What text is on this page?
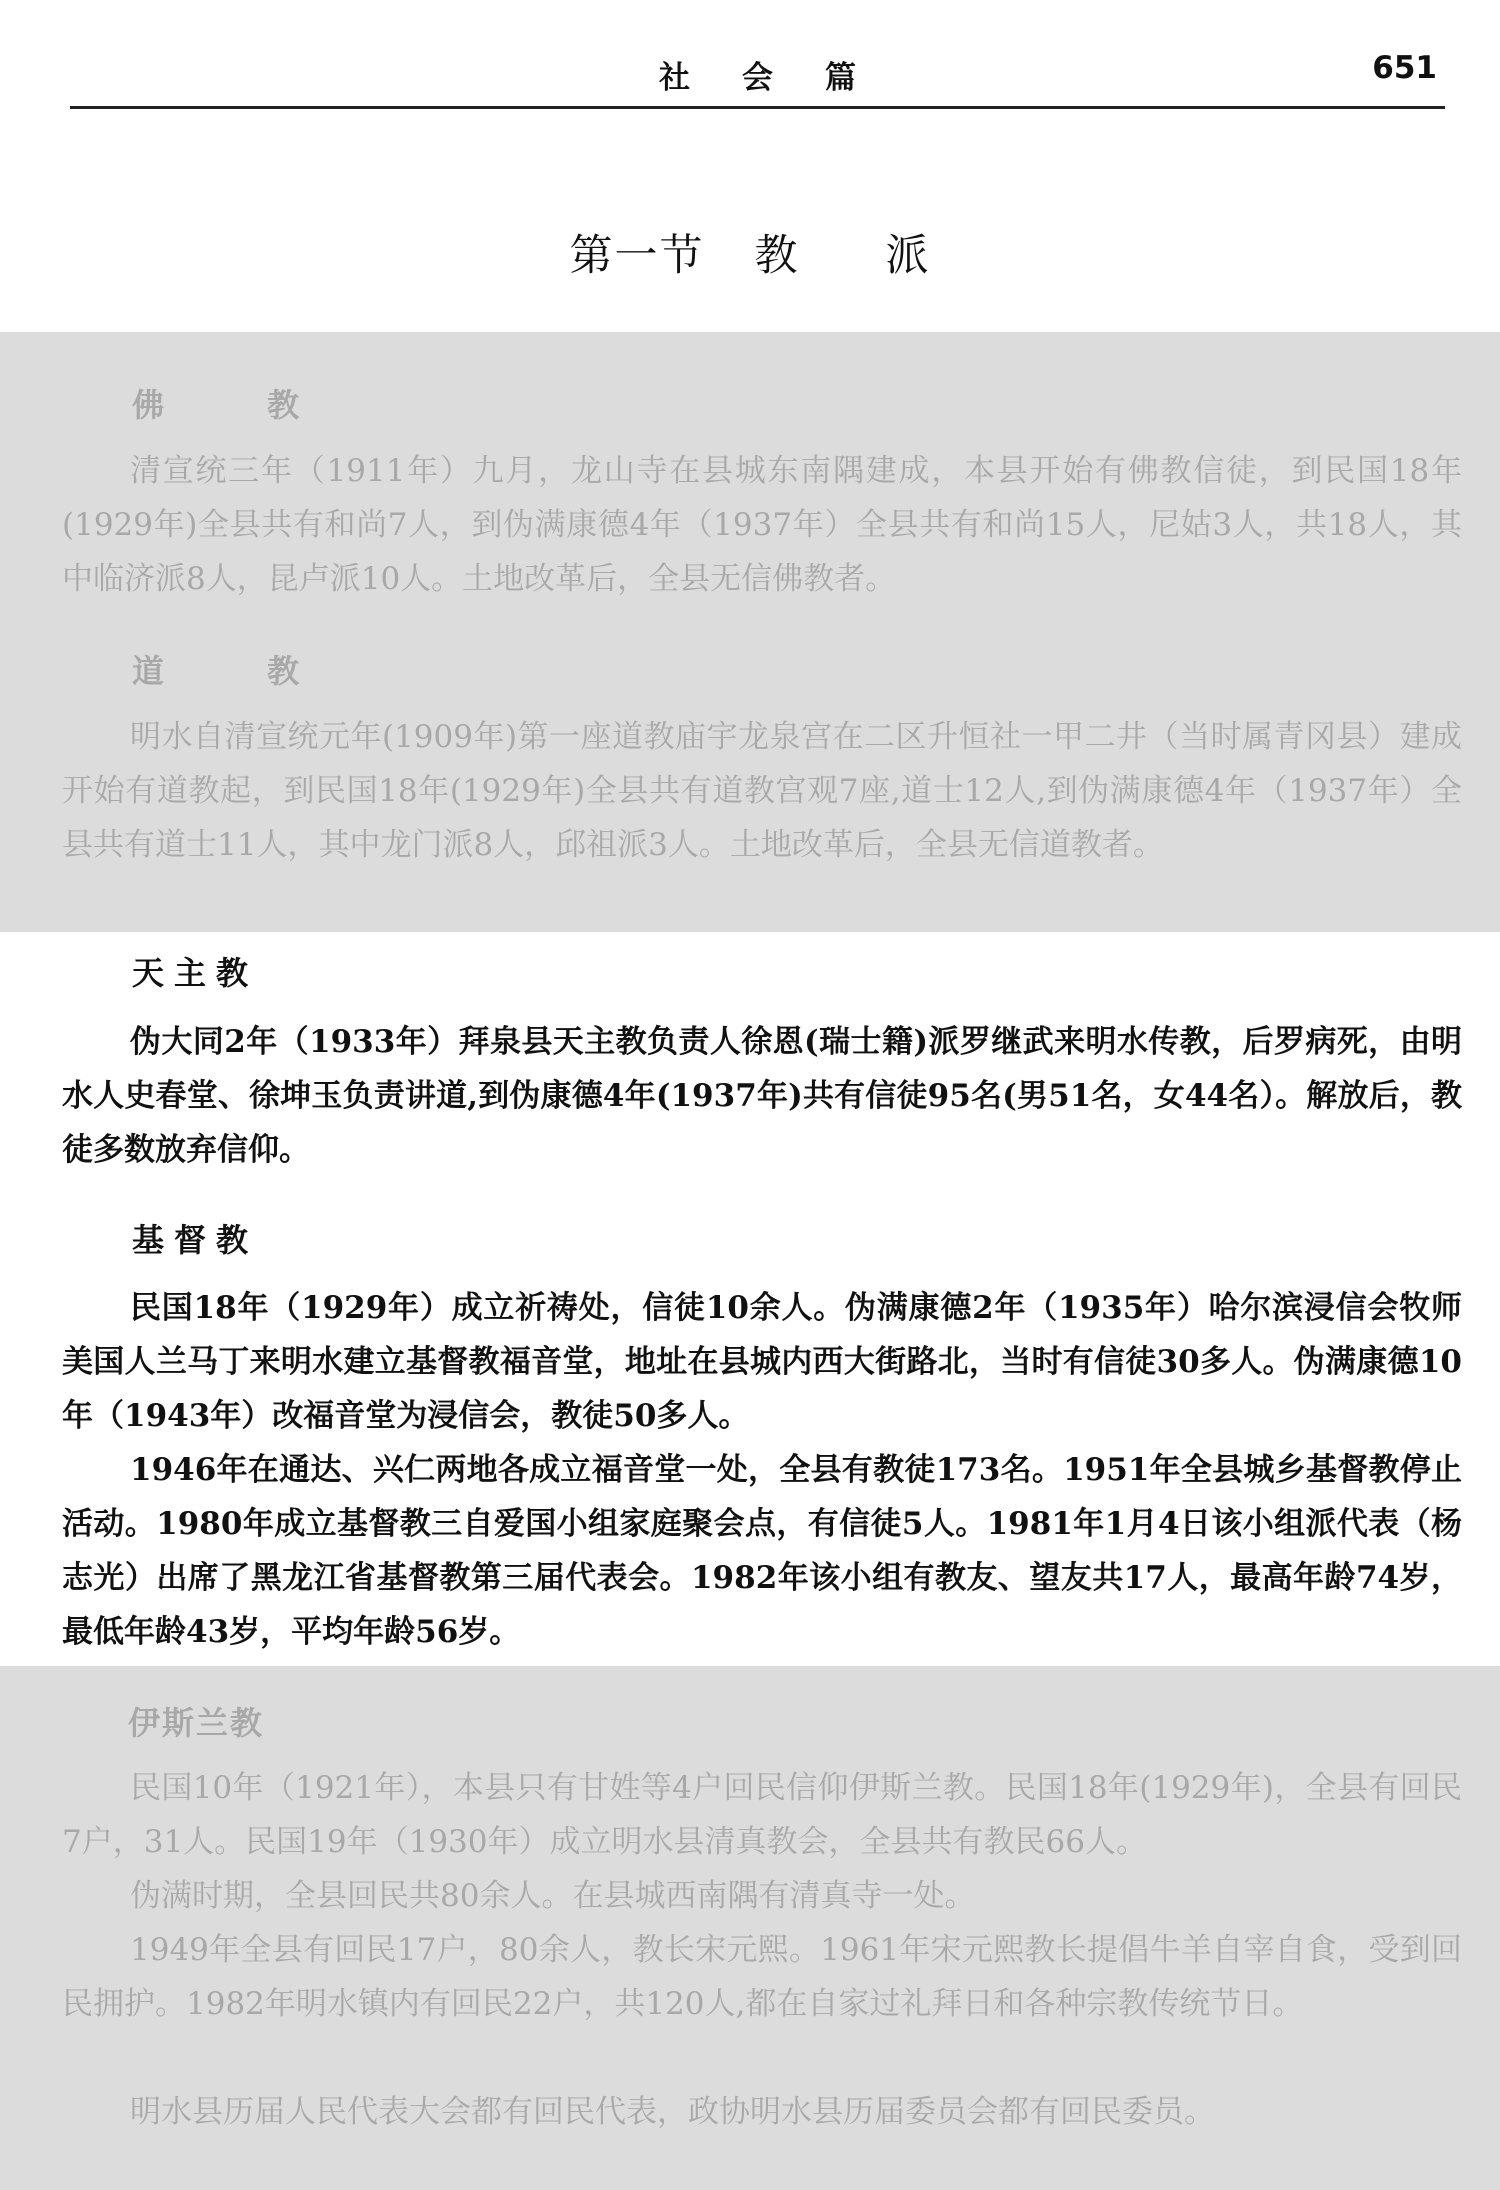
社会篇	651
第一节 教 派
佛 教
清宣统三年（1911年）九月，龙山寺在县城东南隅建成，本县开始有佛教信徒，到民国18年(1929年)全县共有和尚7人，到伪满康德4年（1937年）全县共有和尚15人，尼姑3人，共18人，其中临济派8人，昆卢派10人。土地改革后，全县无信佛教者。
道 教
明水自清宣统元年(1909年)第一座道教庙宇龙泉宫在二区升恒社一甲二井（当时属青冈县）建成开始有道教起，到民国18年(1929年)全县共有道教宫观7座,道士12人,到伪满康德4年（1937年）全县共有道士11人，其中龙门派8人，邱祖派3人。土地改革后，全县无信道教者。
天主教
伪大同2年（1933年）拜泉县天主教负责人徐恩(瑞士籍)派罗继武来明水传教，后罗病死，由明水人史春堂、徐坤玉负责讲道,到伪康德4年(1937年)共有信徒95名(男51名，女44名）。解放后，教徒多数放弃信仰。
基督教
民国18年（1929年）成立祈祷处，信徒10余人。伪满康德2年（1935年）哈尔滨浸信会牧师美国人兰马丁来明水建立基督教福音堂，地址在县城内西大街路北，当时有信徒30多人。伪满康德10年（1943年）改福音堂为浸信会，教徒50多人。
1946年在通达、兴仁两地各成立福音堂一处，全县有教徒173名。1951年全县城乡基督教停止活动。1980年成立基督教三自爱国小组家庭聚会点，有信徒5人。1981年1月4日该小组派代表（杨志光）出席了黑龙江省基督教第三届代表会。1982年该小组有教友、望友共17人，最高年龄74岁，最低年龄43岁，平均年龄56岁。
伊斯兰教
民国10年（1921年），本县只有甘姓等4户回民信仰伊斯兰教。民国18年(1929年)，全县有回民7户，31人。民国19年（1930年）成立明水县清真教会，全县共有教民66人。
伪满时期，全县回民共80余人。在县城西南隅有清真寺一处。
1949年全县有回民17户，80余人，教长宋元熙。1961年宋元熙教长提倡牛羊自宰自食，受到回民拥护。1982年明水镇内有回民22户，共120人,都在自家过礼拜日和各种宗教传统节日。
明水县历届人民代表大会都有回民代表，政协明水县历届委员会都有回民委员。
